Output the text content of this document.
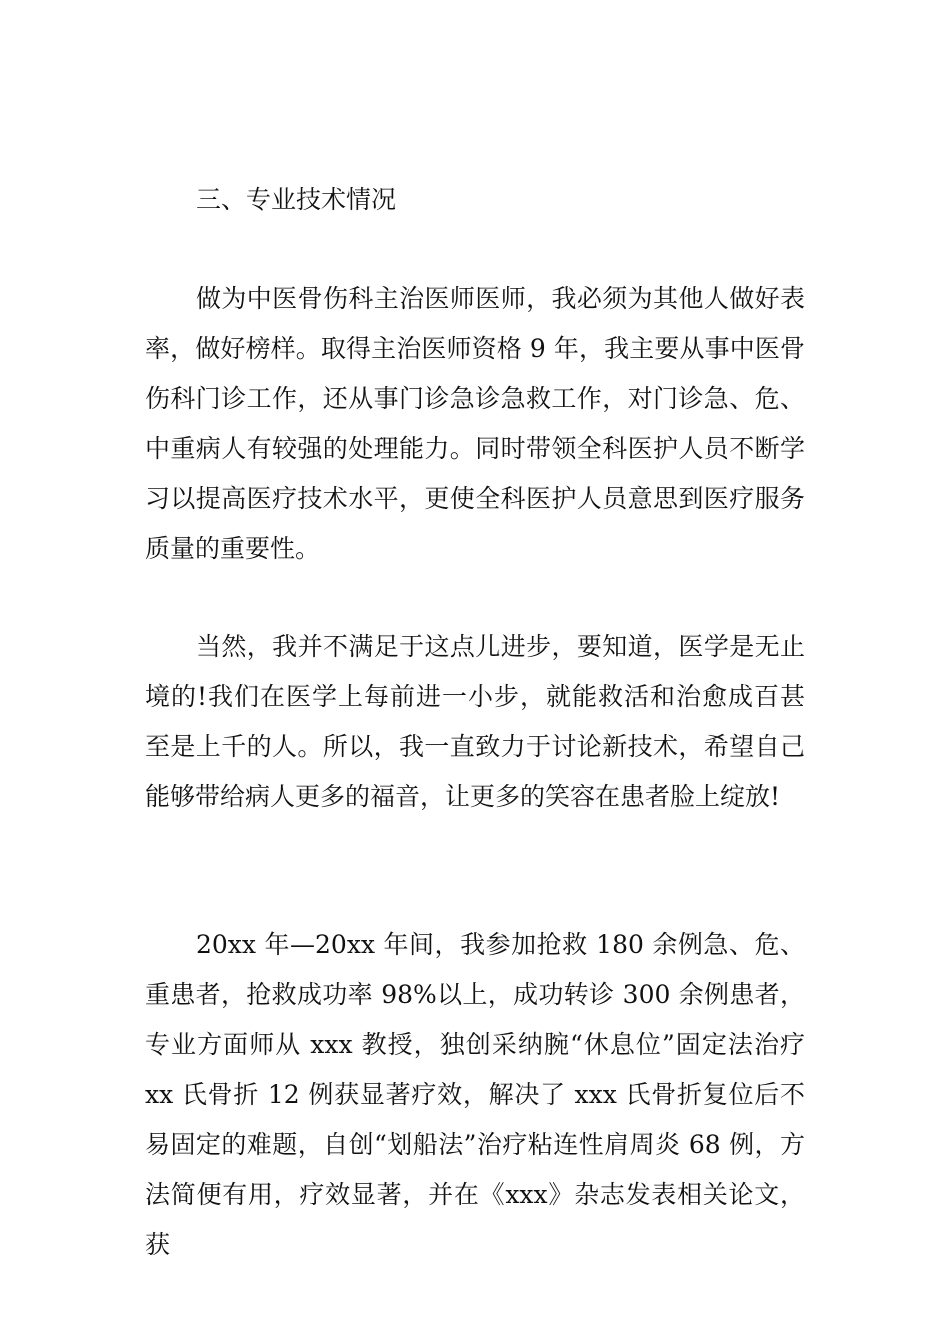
三、专业技术情况

做为中医骨伤科主治医师医师，我必须为其他人做好表率，做好榜样。取得主治医师资格 9 年，我主要从事中医骨伤科门诊工作，还从事门诊急诊急救工作，对门诊急、危、中重病人有较强的处理能力。同时带领全科医护人员不断学习以提高医疗技术水平，更使全科医护人员意思到医疗服务质量的重要性。

当然，我并不满足于这点儿进步，要知道，医学是无止境的!我们在医学上每前进一小步，就能救活和治愈成百甚至是上千的人。所以，我一直致力于讨论新技术，希望自己能够带给病人更多的福音，让更多的笑容在患者脸上绽放!

20xx 年—20xx 年间，我参加抢救 180 余例急、危、重患者，抢救成功率 98%以上，成功转诊 300 余例患者，专业方面师从 xxx 教授，独创采纳腕“休息位”固定法治疗 xx 氏骨折 12 例获显著疗效，解决了 xxx 氏骨折复位后不易固定的难题，自创“划船法”治疗粘连性肩周炎 68 例，方法简便有用，疗效显著，并在《xxx》杂志发表相关论文，获
